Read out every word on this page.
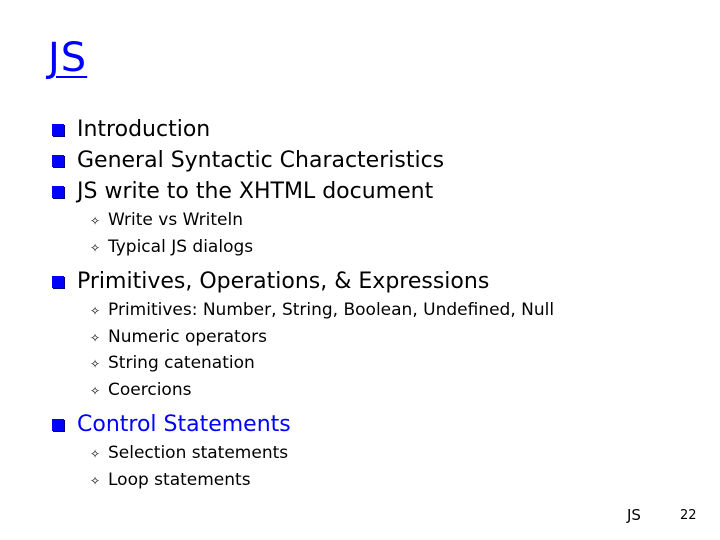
JS
Introduction
General Syntactic Characteristics
JS write to the XHTML document
✧ Write vs Writeln
✧ Typical JS dialogs
Primitives, Operations, & Expressions
✧ Primitives: Number, String, Boolean, Undefined, Null
✧ Numeric operators
✧ String catenation
✧ Coercions
Control Statements
✧ Selection statements
✧ Loop statements
JS	22
